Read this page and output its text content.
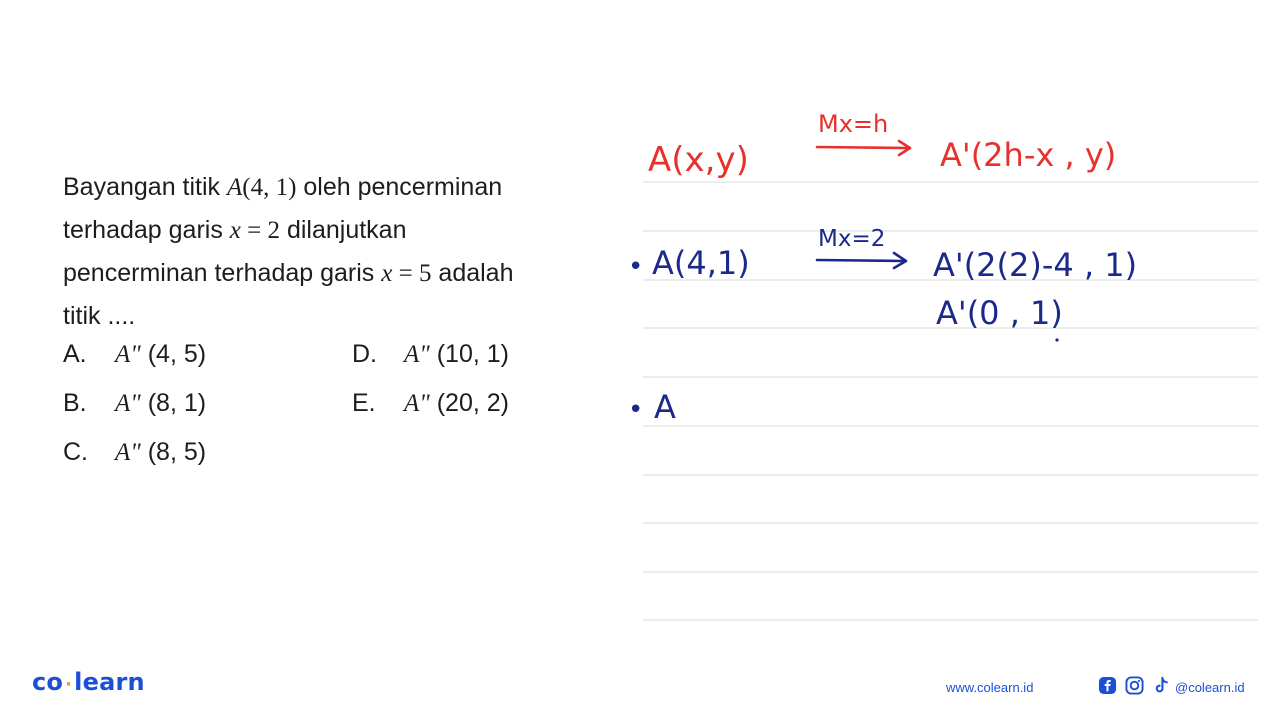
Bayangan titik A(4, 1) oleh pencerminan
terhadap garis x = 2 dilanjutkan
pencerminan terhadap garis x = 5 adalah
titik ....
A. A" (4, 5)
B. A" (8, 1)
C. A" (8, 5)
D. A" (10, 1)
E. A" (20, 2)
A(x,y)
Mx=h
A'(2h-x , y)
• A(4,1)
Mx=2
A'(2(2)-4 , 1)
A'(0 , 1)
• A
co ·learn	www.colearn.id	@colearn.id
